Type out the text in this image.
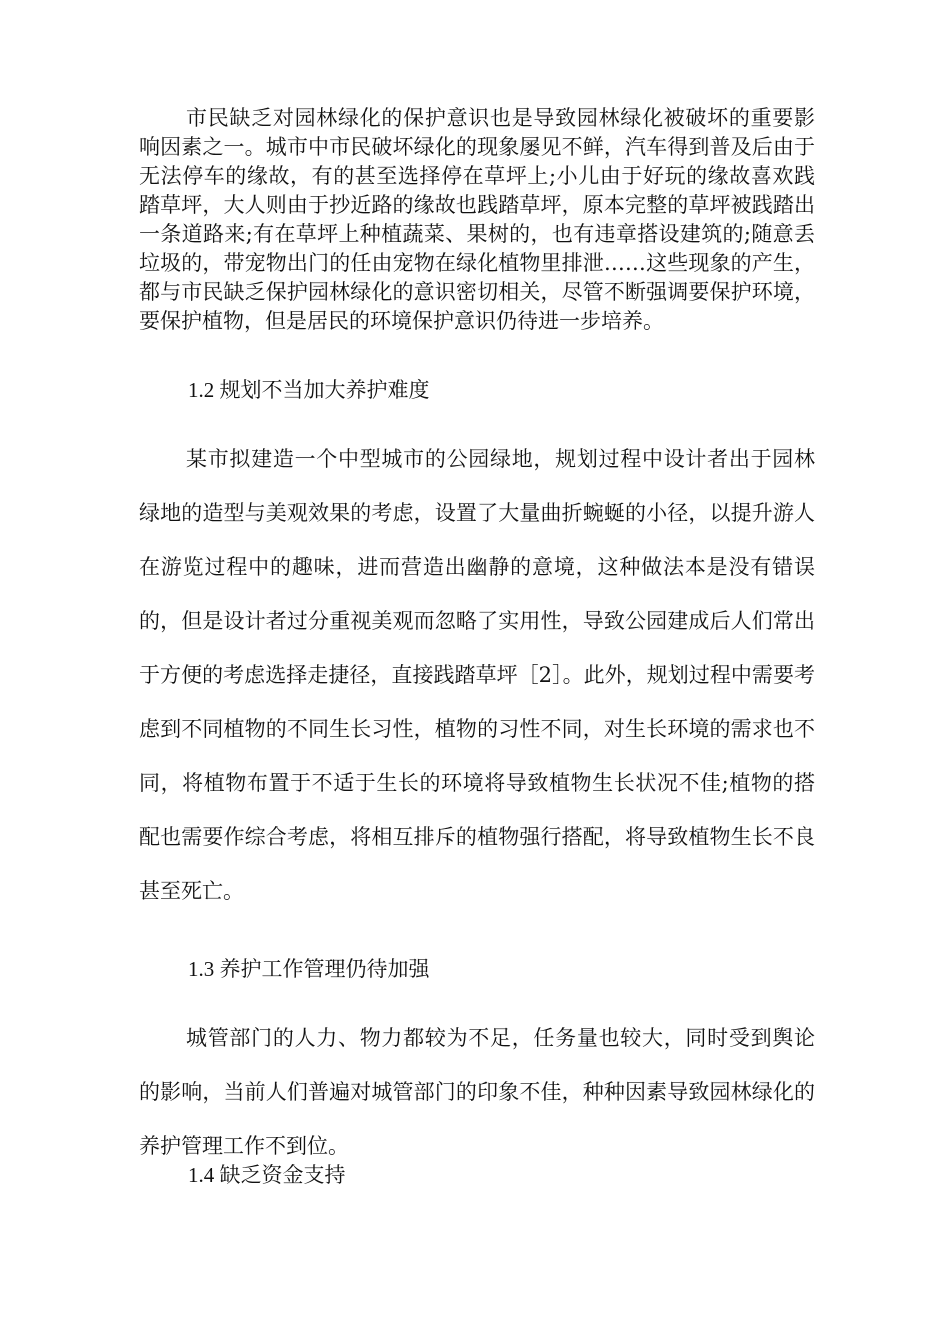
市民缺乏对园林绿化的保护意识也是导致园林绿化被破坏的重要影响因素之一。城市中市民破坏绿化的现象屡见不鲜，汽车得到普及后由于无法停车的缘故，有的甚至选择停在草坪上;小儿由于好玩的缘故喜欢践踏草坪，大人则由于抄近路的缘故也践踏草坪，原本完整的草坪被践踏出一条道路来;有在草坪上种植蔬菜、果树的，也有违章搭设建筑的;随意丢垃圾的，带宠物出门的任由宠物在绿化植物里排泄……这些现象的产生，都与市民缺乏保护园林绿化的意识密切相关，尽管不断强调要保护环境，要保护植物，但是居民的环境保护意识仍待进一步培养。

1.2 规划不当加大养护难度

某市拟建造一个中型城市的公园绿地，规划过程中设计者出于园林绿地的造型与美观效果的考虑，设置了大量曲折蜿蜒的小径，以提升游人在游览过程中的趣味，进而营造出幽静的意境，这种做法本是没有错误的，但是设计者过分重视美观而忽略了实用性，导致公园建成后人们常出于方便的考虑选择走捷径，直接践踏草坪［2］。此外，规划过程中需要考虑到不同植物的不同生长习性，植物的习性不同，对生长环境的需求也不同，将植物布置于不适于生长的环境将导致植物生长状况不佳;植物的搭配也需要作综合考虑，将相互排斥的植物强行搭配，将导致植物生长不良甚至死亡。

1.3 养护工作管理仍待加强

城管部门的人力、物力都较为不足，任务量也较大，同时受到舆论的影响，当前人们普遍对城管部门的印象不佳，种种因素导致园林绿化的养护管理工作不到位。

1.4 缺乏资金支持
